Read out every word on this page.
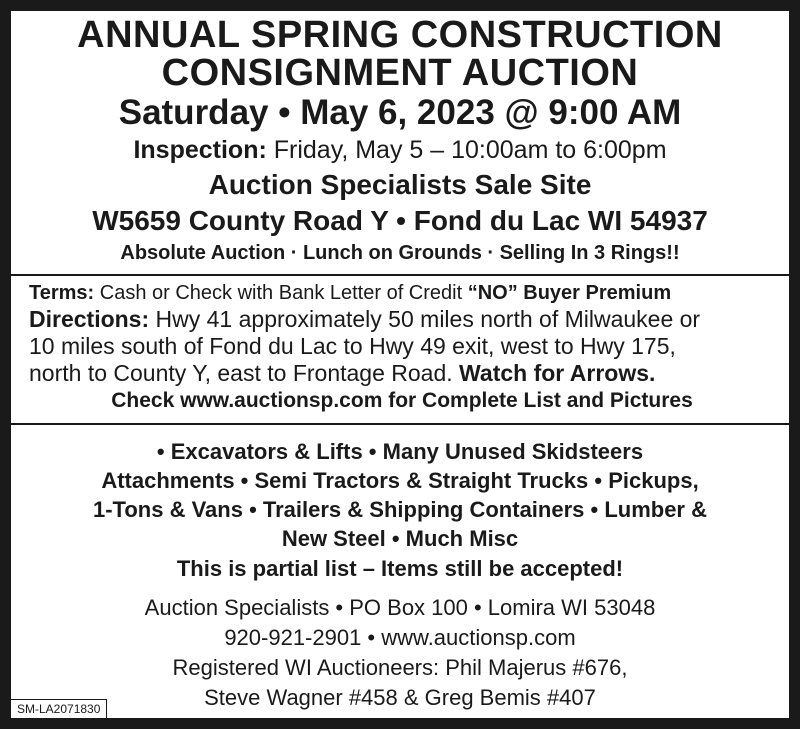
ANNUAL SPRING CONSTRUCTION
CONSIGNMENT AUCTION
Saturday • May 6, 2023 @ 9:00 AM
Inspection: Friday, May 5 – 10:00am to 6:00pm
Auction Specialists Sale Site
W5659 County Road Y • Fond du Lac WI 54937
Absolute Auction · Lunch on Grounds · Selling In 3 Rings!!
Terms: Cash or Check with Bank Letter of Credit “NO” Buyer Premium
Directions: Hwy 41 approximately 50 miles north of Milwaukee or
10 miles south of Fond du Lac to Hwy 49 exit, west to Hwy 175,
north to County Y, east to Frontage Road. Watch for Arrows.
Check www.auctionsp.com for Complete List and Pictures
• Excavators & Lifts • Many Unused Skidsteers
Attachments • Semi Tractors & Straight Trucks • Pickups,
1-Tons & Vans • Trailers & Shipping Containers • Lumber &
New Steel • Much Misc
This is partial list – Items still be accepted!
Auction Specialists • PO Box 100 • Lomira WI 53048
920-921-2901 • www.auctionsp.com
Registered WI Auctioneers: Phil Majerus #676,
Steve Wagner #458 & Greg Bemis #407
SM-LA2071830
